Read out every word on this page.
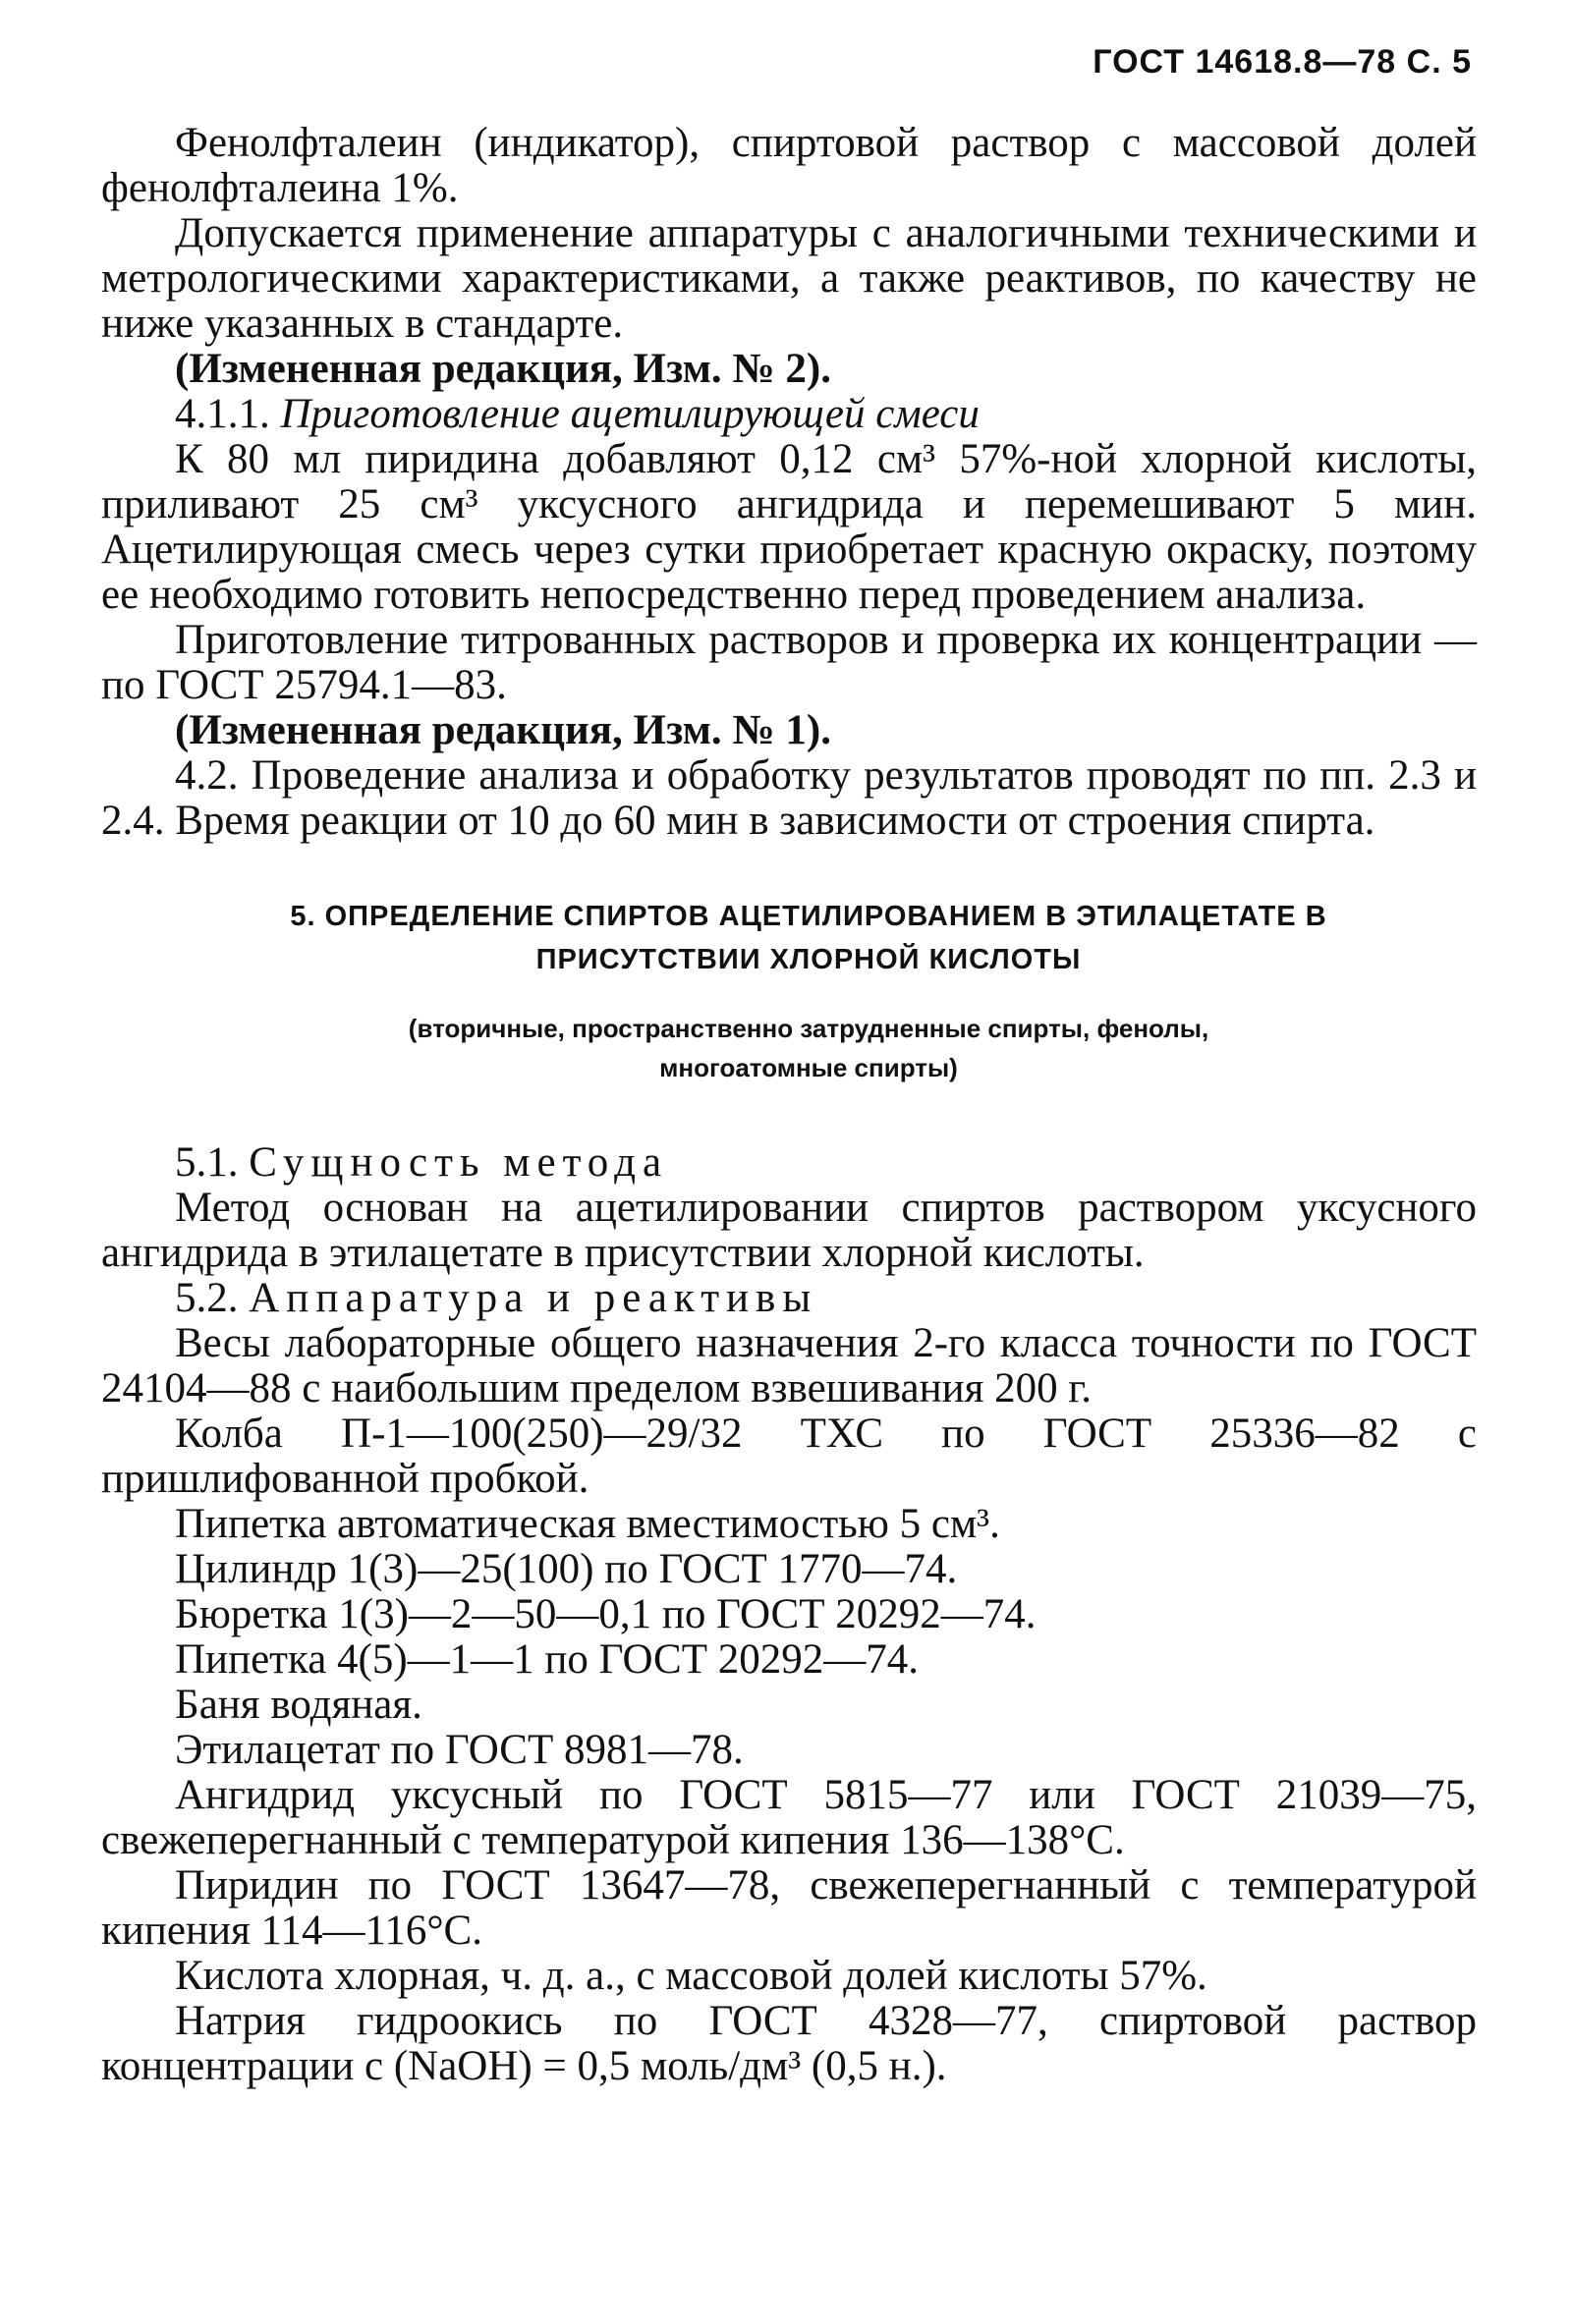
ГОСТ 14618.8—78 С. 5

Фенолфталеин (индикатор), спиртовой раствор с массовой долей фенолфталеина 1%.

Допускается применение аппаратуры с аналогичными техническими и метрологическими характеристиками, а также реактивов, по качеству не ниже указанных в стандарте.

(Измененная редакция, Изм. № 2).

4.1.1. Приготовление ацетилирующей смеси

К 80 мл пиридина добавляют 0,12 см³ 57%-ной хлорной кислоты, приливают 25 см³ уксусного ангидрида и перемешивают 5 мин. Ацетилирующая смесь через сутки приобретает красную окраску, поэтому ее необходимо готовить непосредственно перед проведением анализа.

Приготовление титрованных растворов и проверка их концентрации — по ГОСТ 25794.1—83.

(Измененная редакция, Изм. № 1).

4.2. Проведение анализа и обработку результатов проводят по пп. 2.3 и 2.4. Время реакции от 10 до 60 мин в зависимости от строения спирта.

5. ОПРЕДЕЛЕНИЕ СПИРТОВ АЦЕТИЛИРОВАНИЕМ В ЭТИЛАЦЕТАТЕ В
ПРИСУТСТВИИ ХЛОРНОЙ КИСЛОТЫ
(вторичные, пространственно затрудненные спирты, фенолы,
многоатомные спирты)

5.1. Сущность метода

Метод основан на ацетилировании спиртов раствором уксусного ангидрида в этилацетате в присутствии хлорной кислоты.

5.2. Аппаратура и реактивы

Весы лабораторные общего назначения 2-го класса точности по ГОСТ 24104—88 с наибольшим пределом взвешивания 200 г.

Колба П-1—100(250)—29/32 ТХС по ГОСТ 25336—82 с пришлифованной пробкой.

Пипетка автоматическая вместимостью 5 см³.

Цилиндр 1(3)—25(100) по ГОСТ 1770—74.

Бюретка 1(3)—2—50—0,1 по ГОСТ 20292—74.

Пипетка 4(5)—1—1 по ГОСТ 20292—74.

Баня водяная.

Этилацетат по ГОСТ 8981—78.

Ангидрид уксусный по ГОСТ 5815—77 или ГОСТ 21039—75, свежеперегнанный с температурой кипения 136—138°С.

Пиридин по ГОСТ 13647—78, свежеперегнанный с температурой кипения 114—116°С.

Кислота хлорная, ч. д. а., с массовой долей кислоты 57%.

Натрия гидроокись по ГОСТ 4328—77, спиртовой раствор концентрации с (NaOH) = 0,5 моль/дм³ (0,5 н.).
